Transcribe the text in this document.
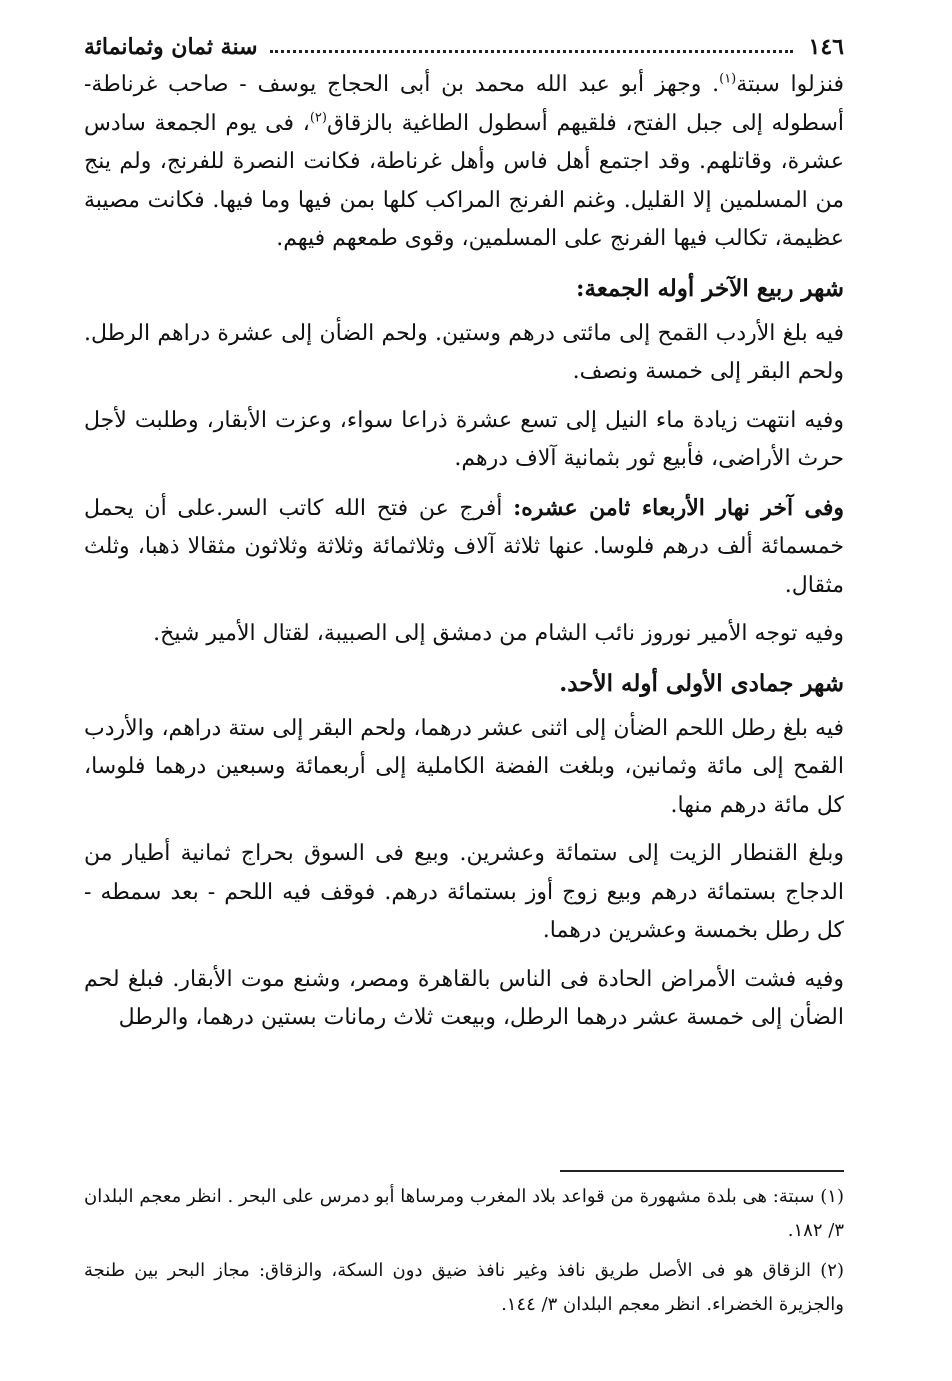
١٤٦
سنة ثمان وثمانمائة

فنزلوا سبتة$^{(١)}$. وجهز أبو عبد الله محمد بن أبى الحجاج يوسف - صاحب غرناطة- أسطوله إلى جبل الفتح، فلقيهم أسطول الطاغية بالزقاق$^{(٢)}$، فى يوم الجمعة سادس عشرة، وقاتلهم. وقد اجتمع أهل فاس وأهل غرناطة، فكانت النصرة للفرنج، ولم ينج من المسلمين إلا القليل. وغنم الفرنج المراكب كلها بمن فيها وما فيها. فكانت مصيبة عظيمة، تكالب فيها الفرنج على المسلمين، وقوى طمعهم فيهم.

شهر ربيع الآخر أوله الجمعة:

فيه بلغ الأردب القمح إلى مائتى درهم وستين. ولحم الضأن إلى عشرة دراهم الرطل. ولحم البقر إلى خمسة ونصف.

وفيه انتهت زيادة ماء النيل إلى تسع عشرة ذراعا سواء، وعزت الأبقار، وطلبت لأجل حرث الأراضى، فأبيع ثور بثمانية آلاف درهم.

وفى آخر نهار الأربعاء ثامن عشره: أفرج عن فتح الله كاتب السر.على أن يحمل خمسمائة ألف درهم فلوسا. عنها ثلاثة آلاف وثلاثمائة وثلاثة وثلاثون مثقالا ذهبا، وثلث مثقال.

وفيه توجه الأمير نوروز نائب الشام من دمشق إلى الصبيبة، لقتال الأمير شيخ.

شهر جمادى الأولى أوله الأحد.

فيه بلغ رطل اللحم الضأن إلى اثنى عشر درهما، ولحم البقر إلى ستة دراهم، والأردب القمح إلى مائة وثمانين، وبلغت الفضة الكاملية إلى أربعمائة وسبعين درهما فلوسا، كل مائة درهم منها.

وبلغ القنطار الزيت إلى ستمائة وعشرين. وبيع فى السوق بحراج ثمانية أطيار من الدجاج بستمائة درهم وبيع زوج أوز بستمائة درهم. فوقف فيه اللحم - بعد سمطه - كل رطل بخمسة وعشرين درهما.

وفيه فشت الأمراض الحادة فى الناس بالقاهرة ومصر، وشنع موت الأبقار. فبلغ لحم الضأن إلى خمسة عشر درهما الرطل، وبيعت ثلاث رمانات بستين درهما، والرطل

(١) سبتة: هى بلدة مشهورة من قواعد بلاد المغرب ومرساها أبو دمرس على البحر . انظر معجم البلدان ٣/ ١٨٢.

(٢) الزقاق هو فى الأصل طريق نافذ وغير نافذ ضيق دون السكة، والزقاق: مجاز البحر بين طنجة والجزيرة الخضراء. انظر معجم البلدان ٣/ ١٤٤.
